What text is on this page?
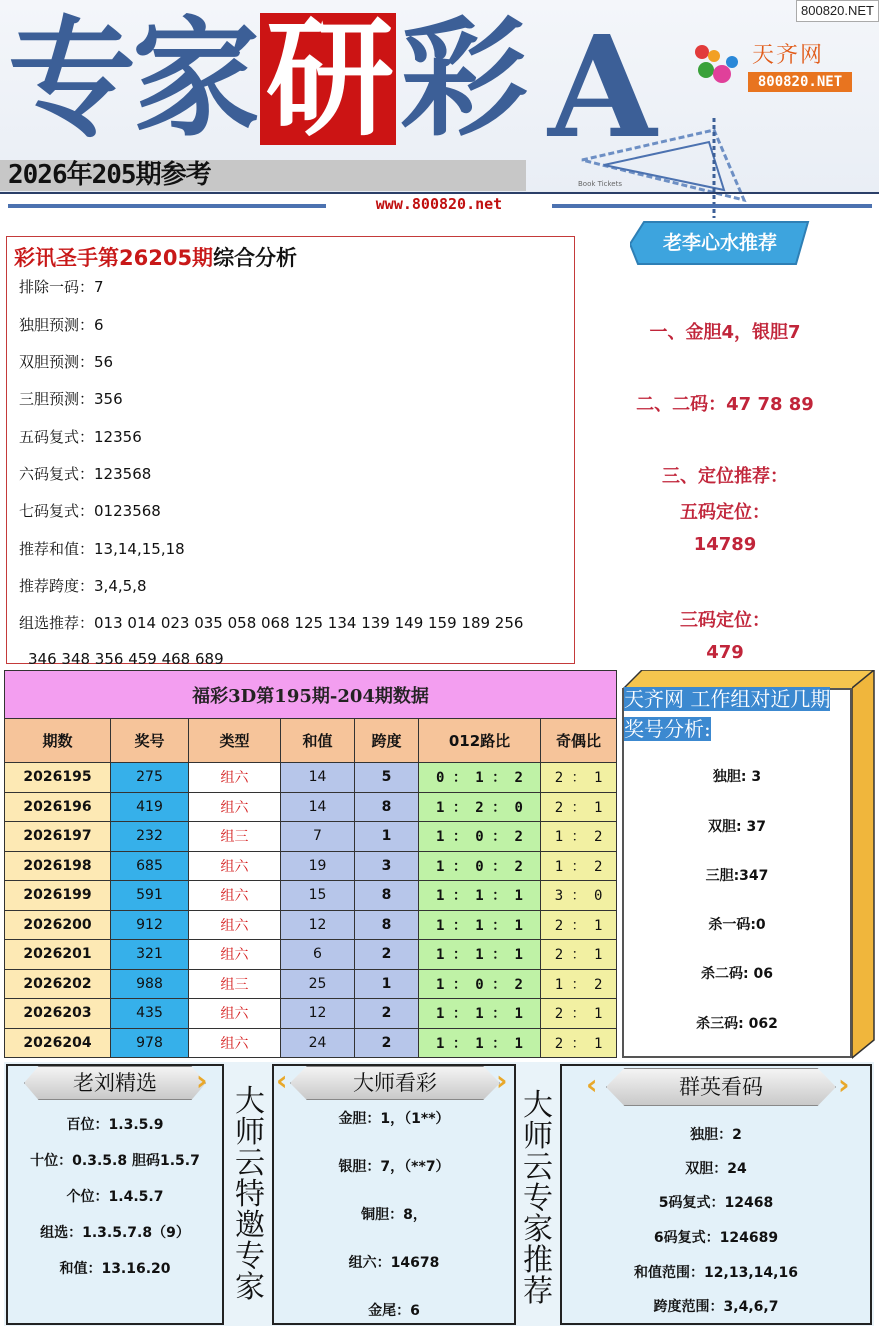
专家 研 彩 A
Book Tickets
天齐网
800820.NET
800820.NET
2026年205期参考
www.800820.net
彩讯圣手第26205期综合分析
排除一码：7
独胆预测：6
双胆预测：56
三胆预测：356
五码复式：12356
六码复式：123568
七码复式：0123568
推荐和值：13,14,15,18
推荐跨度：3,4,5,8
组选推荐：013 014 023 035 058 068 125 134 139 149 159 189 256
346 348 356 459 468 689
老李心水推荐
一、金胆4，银胆7
二、二码：47 78 89
三、定位推荐：
五码定位：
14789
三码定位：
479
福彩3D第195期-204期数据						
期数	奖号	类型	和值	跨度	012路比	奇偶比
2026195	275	组六	14	5	0 ： 1 ： 2	2 ： 1
2026196	419	组六	14	8	1 ： 2 ： 0	2 ： 1
2026197	232	组三	7	1	1 ： 0 ： 2	1 ： 2
2026198	685	组六	19	3	1 ： 0 ： 2	1 ： 2
2026199	591	组六	15	8	1 ： 1 ： 1	3 ： 0
2026200	912	组六	12	8	1 ： 1 ： 1	2 ： 1
2026201	321	组六	6	2	1 ： 1 ： 1	2 ： 1
2026202	988	组三	25	1	1 ： 0 ： 2	1 ： 2
2026203	435	组六	12	2	1 ： 1 ： 1	2 ： 1
2026204	978	组六	24	2	1 ： 1 ： 1	2 ： 1
天齐网 工作组对近几期奖号分析:
独胆: 3
双胆: 37
三胆:347
杀一码:0
杀二码: 06
杀三码: 062
老刘精选	›
百位：1.3.5.9
十位：0.3.5.8 胆码1.5.7
个位：1.4.5.7
组选：1.3.5.7.8（9）
和值：13.16.20
大师云特邀专家
大师看彩
‹	›
金胆：1，（1**）
银胆：7，（**7）
铜胆：8，
组六：14678
金尾：6
大师云专家推荐
群英看码
‹	›
独胆：2
双胆：24
5码复式：12468
6码复式：124689
和值范围：12,13,14,16
跨度范围：3,4,6,7
